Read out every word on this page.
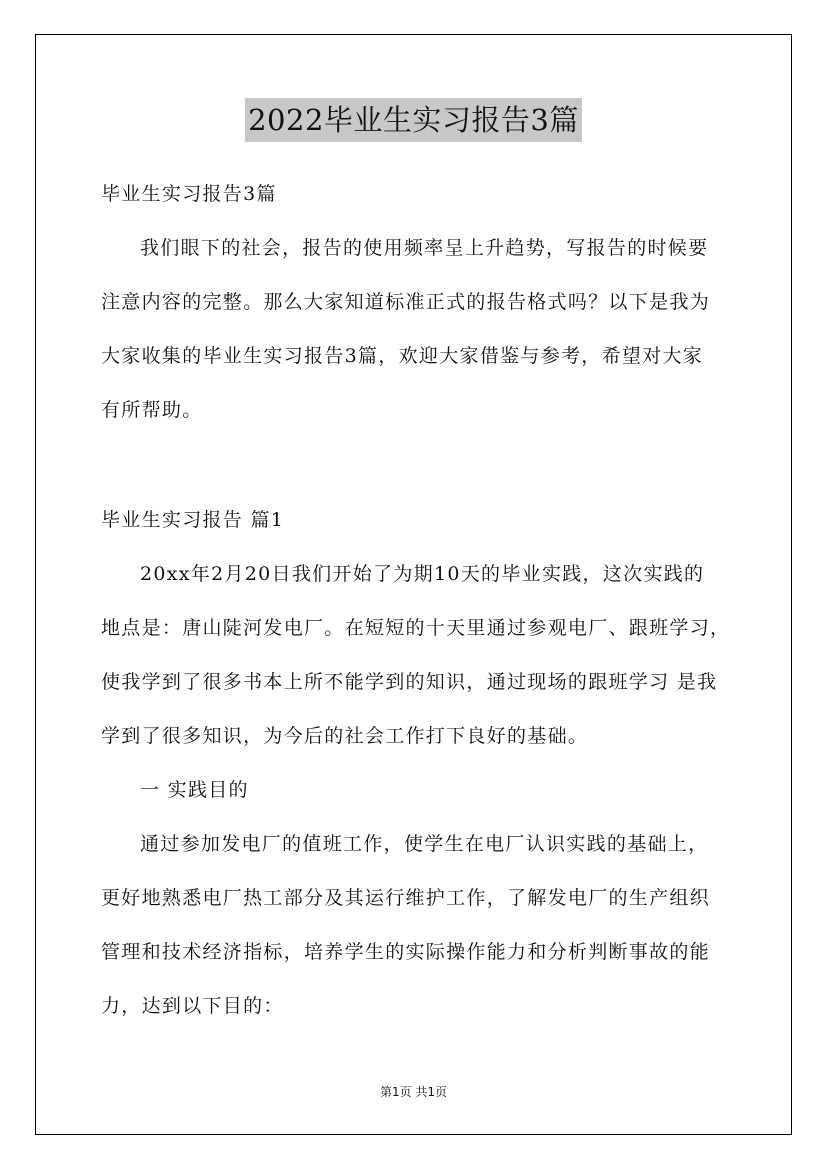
2022毕业生实习报告3篇
毕业生实习报告3篇
我们眼下的社会，报告的使用频率呈上升趋势，写报告的时候要
注意内容的完整。那么大家知道标准正式的报告格式吗？以下是我为
大家收集的毕业生实习报告3篇，欢迎大家借鉴与参考，希望对大家
有所帮助。
毕业生实习报告 篇1
20xx年2月20日我们开始了为期10天的毕业实践，这次实践的
地点是：唐山陡河发电厂。在短短的十天里通过参观电厂、跟班学习，
使我学到了很多书本上所不能学到的知识，通过现场的跟班学习 是我
学到了很多知识，为今后的社会工作打下良好的基础。
一 实践目的
通过参加发电厂的值班工作，使学生在电厂认识实践的基础上，
更好地熟悉电厂热工部分及其运行维护工作，了解发电厂的生产组织
管理和技术经济指标，培养学生的实际操作能力和分析判断事故的能
力，达到以下目的：
第1页 共1页
